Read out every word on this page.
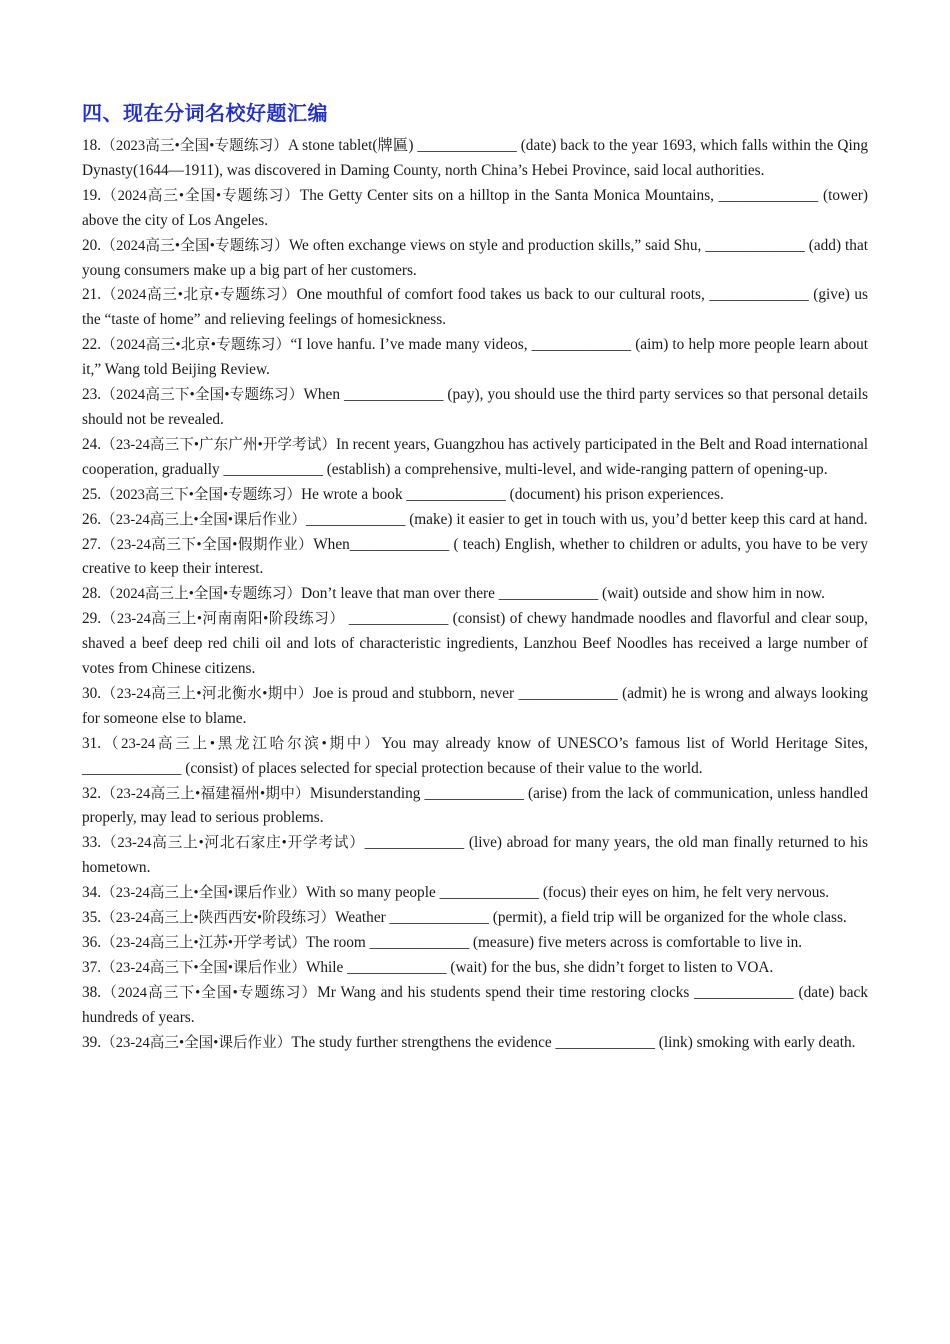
四、现在分词名校好题汇编

18.（2023高三•全国•专题练习）A stone tablet(牌匾) _____________ (date) back to the year 1693, which falls within the Qing Dynasty(1644—1911), was discovered in Daming County, north China’s Hebei Province, said local authorities.

19.（2024高三•全国•专题练习）The Getty Center sits on a hilltop in the Santa Monica Mountains, _____________ (tower) above the city of Los Angeles.

20.（2024高三•全国•专题练习）We often exchange views on style and production skills,” said Shu, _____________ (add) that young consumers make up a big part of her customers.

21.（2024高三•北京•专题练习）One mouthful of comfort food takes us back to our cultural roots, _____________ (give) us the “taste of home” and relieving feelings of homesickness.

22.（2024高三•北京•专题练习）“I love hanfu. I’ve made many videos, _____________ (aim) to help more people learn about it,” Wang told Beijing Review.

23.（2024高三下•全国•专题练习）When _____________ (pay), you should use the third party services so that personal details should not be revealed.

24.（23-24高三下•广东广州•开学考试）In recent years, Guangzhou has actively participated in the Belt and Road international cooperation, gradually _____________ (establish) a comprehensive, multi-level, and wide-ranging pattern of opening-up.

25.（2023高三下•全国•专题练习）He wrote a book _____________ (document) his prison experiences.

26.（23-24高三上•全国•课后作业）_____________ (make) it easier to get in touch with us, you’d better keep this card at hand.

27.（23-24高三下•全国•假期作业）When_____________ ( teach) English, whether to children or adults, you have to be very creative to keep their interest.

28.（2024高三上•全国•专题练习）Don’t leave that man over there _____________ (wait) outside and show him in now.

29.（23-24高三上•河南南阳•阶段练习） _____________ (consist) of chewy handmade noodles and flavorful and clear soup, shaved a beef deep red chili oil and lots of characteristic ingredients, Lanzhou Beef Noodles has received a large number of votes from Chinese citizens.

30.（23-24高三上•河北衡水•期中）Joe is proud and stubborn, never _____________ (admit) he is wrong and always looking for someone else to blame.

31.（23-24高三上•黑龙江哈尔滨•期中）You may already know of UNESCO’s famous list of World Heritage Sites, _____________ (consist) of places selected for special protection because of their value to the world.

32.（23-24高三上•福建福州•期中）Misunderstanding _____________ (arise) from the lack of communication, unless handled properly, may lead to serious problems.

33.（23-24高三上•河北石家庄•开学考试）_____________ (live) abroad for many years, the old man finally returned to his hometown.

34.（23-24高三上•全国•课后作业）With so many people _____________ (focus) their eyes on him, he felt very nervous.

35.（23-24高三上•陕西西安•阶段练习）Weather _____________ (permit), a field trip will be organized for the whole class.

36.（23-24高三上•江苏•开学考试）The room _____________ (measure) five meters across is comfortable to live in.

37.（23-24高三下•全国•课后作业）While _____________ (wait) for the bus, she didn’t forget to listen to VOA.

38.（2024高三下•全国•专题练习）Mr Wang and his students spend their time restoring clocks _____________ (date) back hundreds of years.

39.（23-24高三•全国•课后作业）The study further strengthens the evidence _____________ (link) smoking with early death.
